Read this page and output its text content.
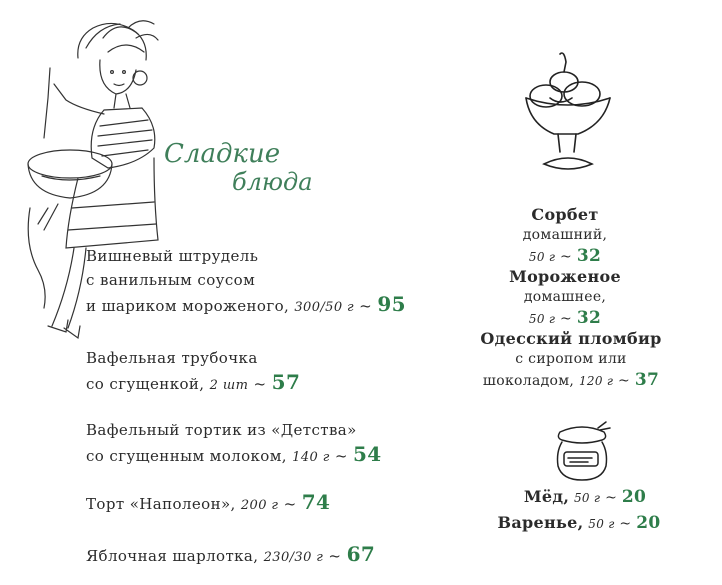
Сладкие
блюда
Вишневый штрудель
с ванильным соусом
и шариком мороженого, 300/50 г ~ 95
Вафельная трубочка
со сгущенкой, 2 шт ~ 57
Вафельный тортик из «Детства»
со сгущенным молоком, 140 г ~ 54
Торт «Наполеон», 200 г ~ 74
Яблочная шарлотка, 230/30 г ~ 67
Сорбет
домашний,
50 г ~ 32
Мороженое
домашнее,
50 г ~ 32
Одесский пломбир
с сиропом или
шоколадом, 120 г ~ 37
Мёд, 50 г ~ 20
Варенье, 50 г ~ 20
